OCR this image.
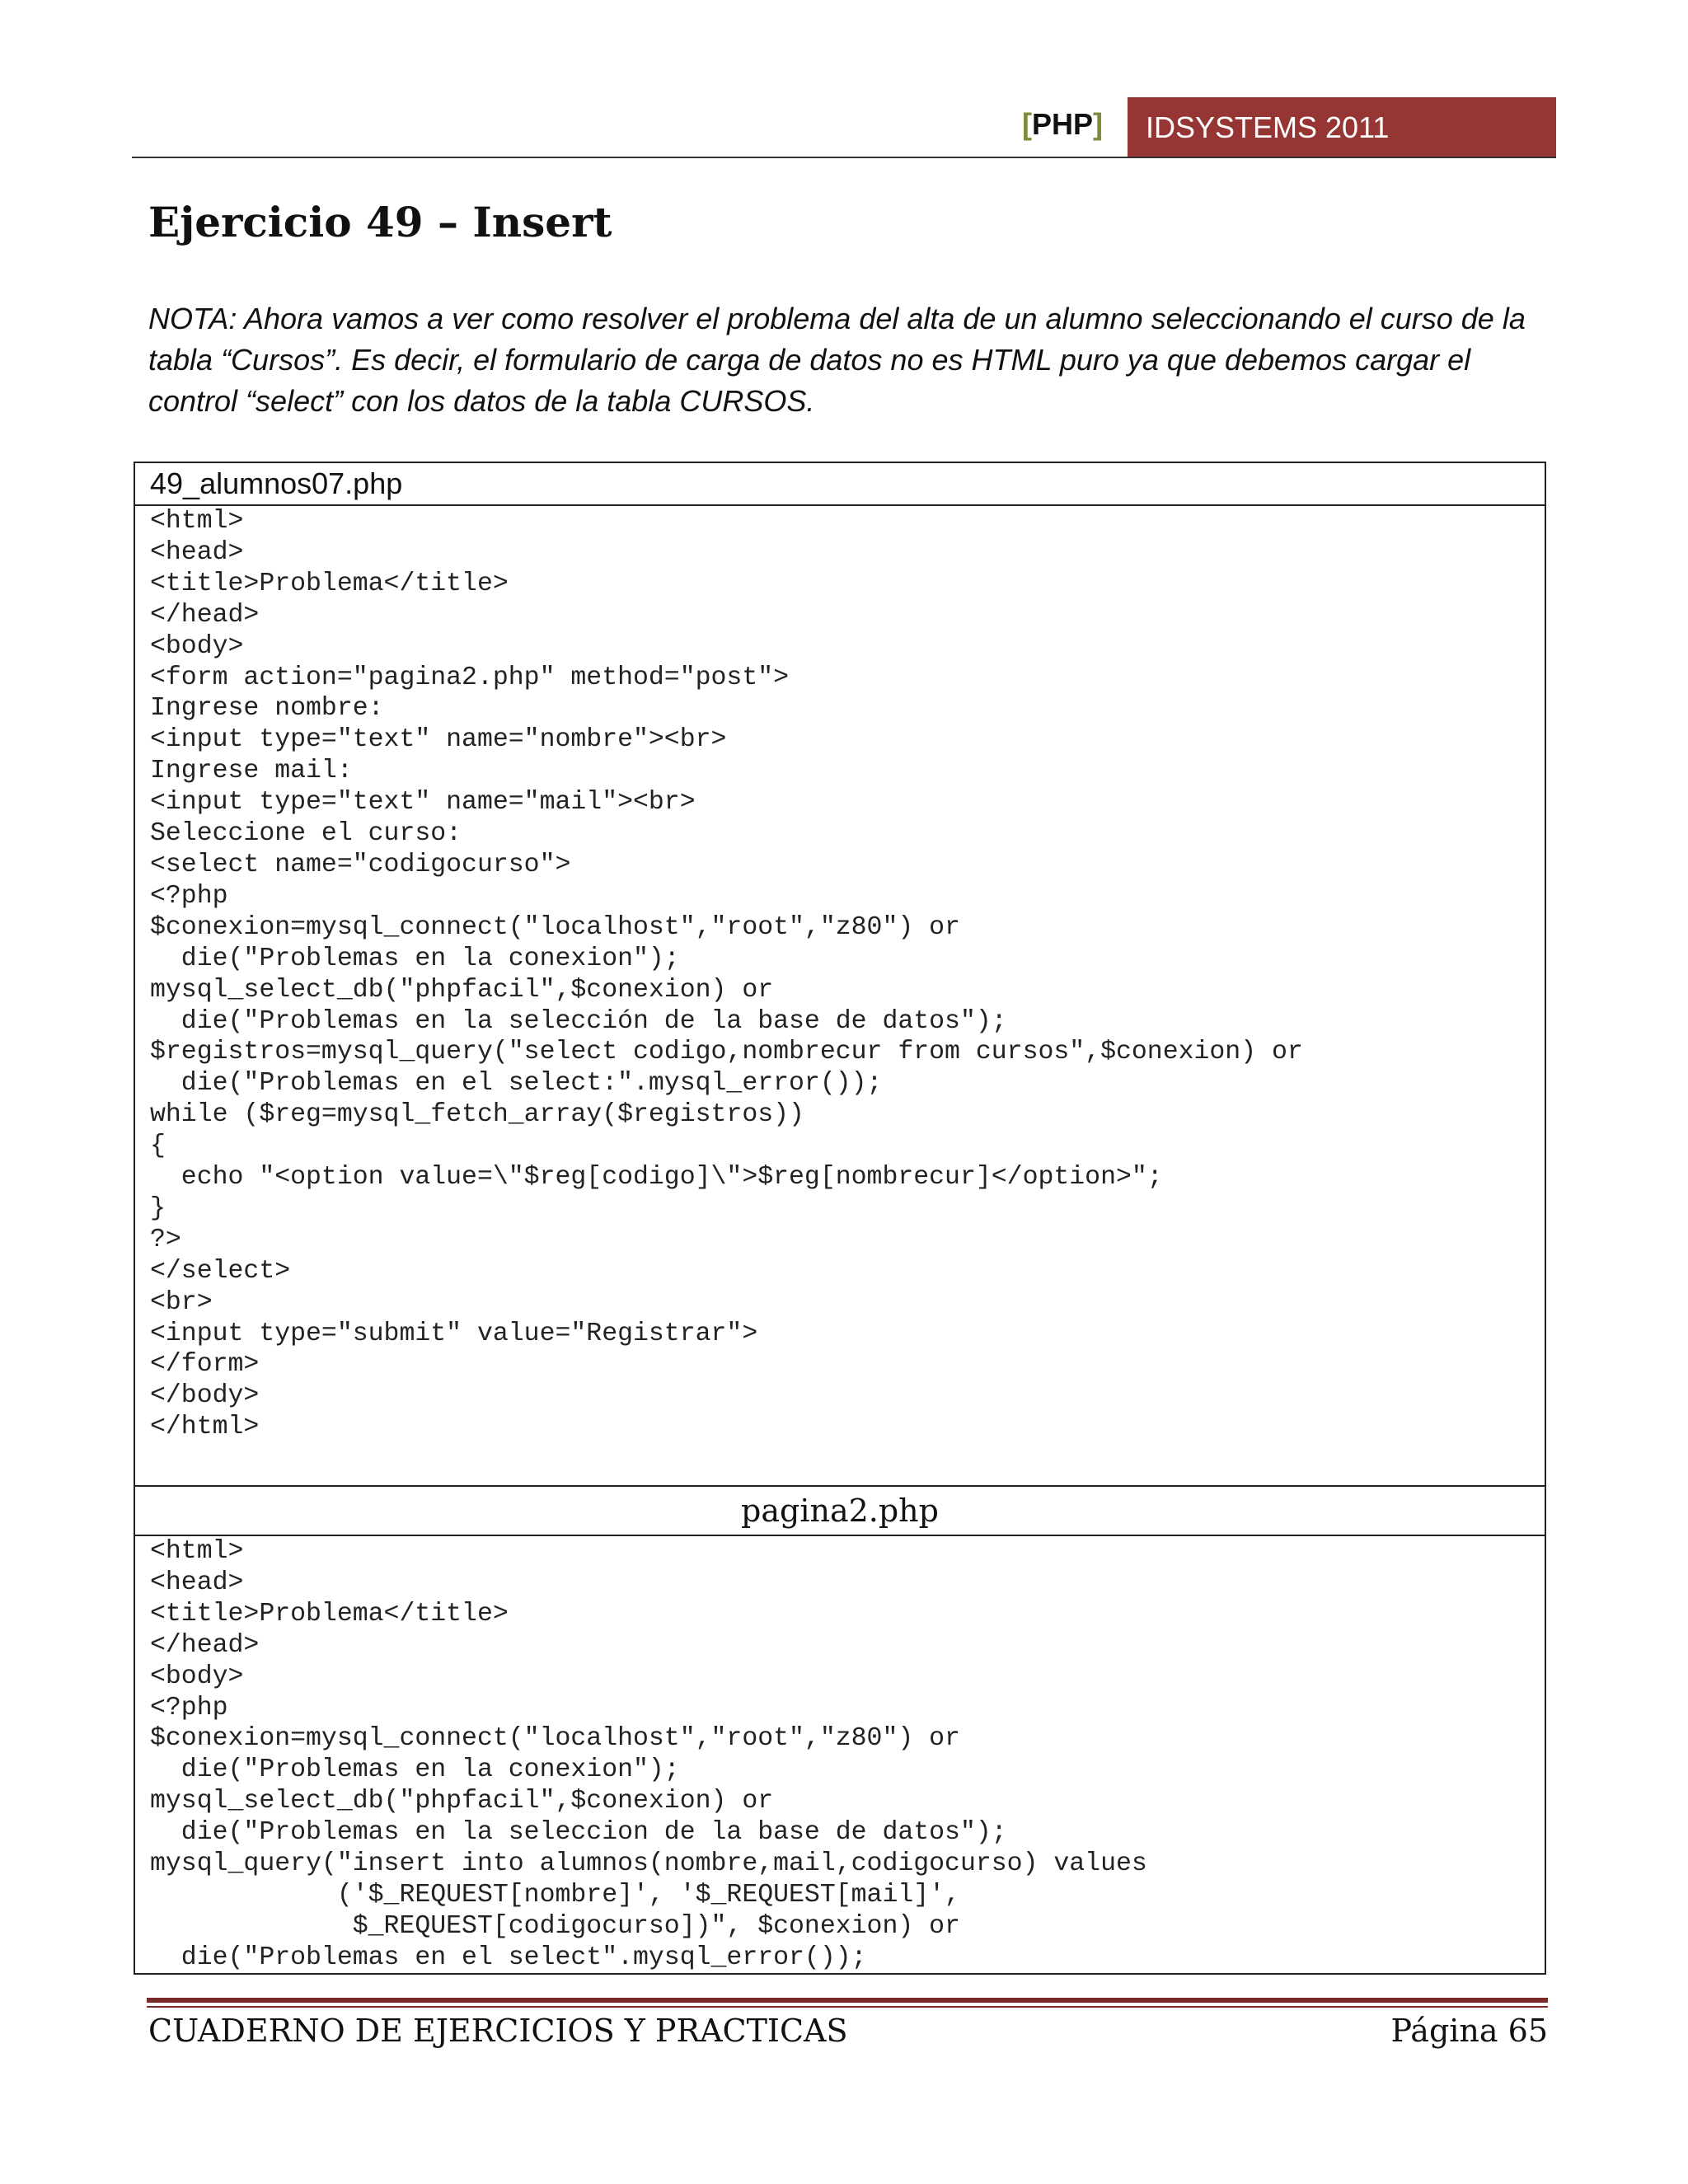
[PHP]	IDSYSTEMS 2011
Ejercicio 49 – Insert
NOTA: Ahora vamos a ver como resolver el problema del alta de un alumno seleccionando el curso de la tabla “Cursos”. Es decir, el formulario de carga de datos no es HTML puro ya que debemos cargar el control “select” con los datos de la tabla CURSOS.
49_alumnos07.php
<html>
<head>
<title>Problema</title>
</head>
<body>
<form action="pagina2.php" method="post">
Ingrese nombre:
<input type="text" name="nombre"><br>
Ingrese mail:
<input type="text" name="mail"><br>
Seleccione el curso:
<select name="codigocurso">
<?php
$conexion=mysql_connect("localhost","root","z80") or
die("Problemas en la conexion");
mysql_select_db("phpfacil",$conexion) or
die("Problemas en la selección de la base de datos");
$registros=mysql_query("select codigo,nombrecur from cursos",$conexion) or
die("Problemas en el select:".mysql_error());
while ($reg=mysql_fetch_array($registros))
{
echo "<option value=\"$reg[codigo]\">$reg[nombrecur]</option>";
}
?>
</select>
<br>
<input type="submit" value="Registrar">
</form>
</body>
</html>
pagina2.php
<html>
<head>
<title>Problema</title>
</head>
<body>
<?php
$conexion=mysql_connect("localhost","root","z80") or
die("Problemas en la conexion");
mysql_select_db("phpfacil",$conexion) or
die("Problemas en la seleccion de la base de datos");
mysql_query("insert into alumnos(nombre,mail,codigocurso) values
('$_REQUEST[nombre]', '$_REQUEST[mail]',
$_REQUEST[codigocurso])", $conexion) or
die("Problemas en el select".mysql_error());
CUADERNO DE EJERCICIOS Y PRACTICAS	Página 65
